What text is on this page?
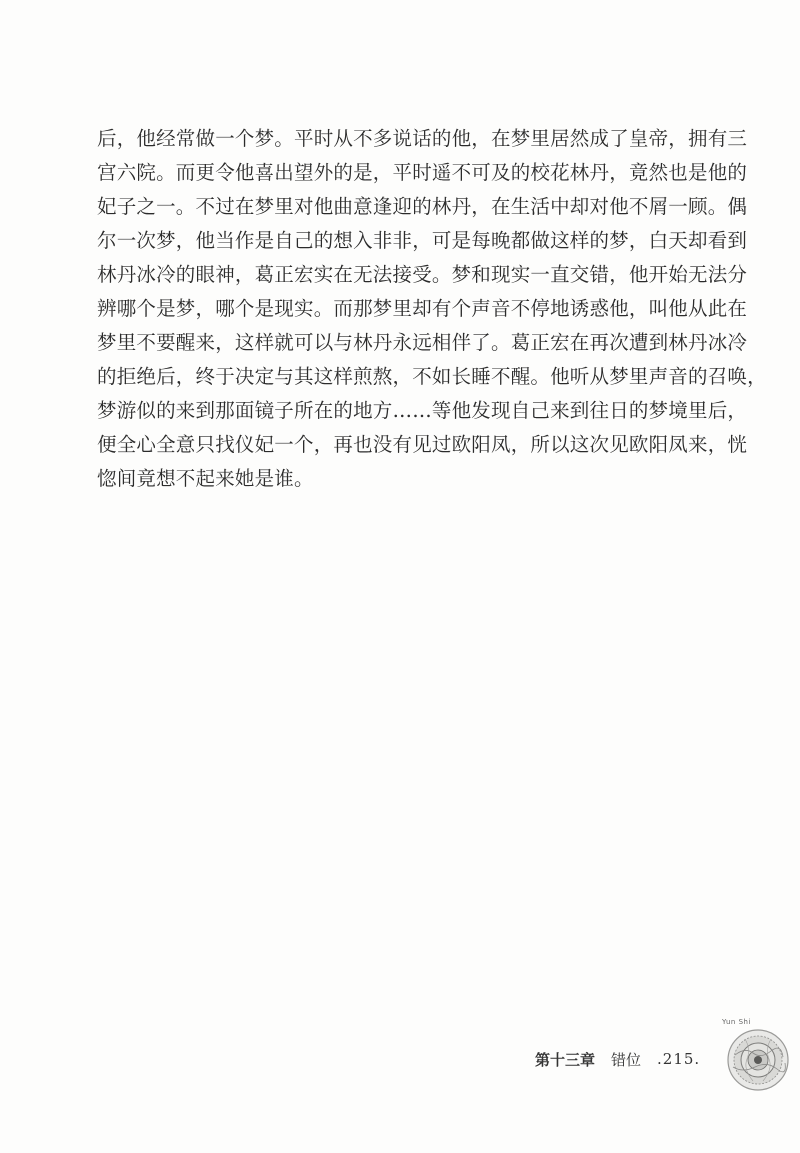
后，他经常做一个梦。平时从不多说话的他，在梦里居然成了皇帝，拥有三
宫六院。而更令他喜出望外的是，平时遥不可及的校花林丹，竟然也是他的
妃子之一。不过在梦里对他曲意逢迎的林丹，在生活中却对他不屑一顾。偶
尔一次梦，他当作是自己的想入非非，可是每晚都做这样的梦，白天却看到
林丹冰冷的眼神，葛正宏实在无法接受。梦和现实一直交错，他开始无法分
辨哪个是梦，哪个是现实。而那梦里却有个声音不停地诱惑他，叫他从此在
梦里不要醒来，这样就可以与林丹永远相伴了。葛正宏在再次遭到林丹冰冷
的拒绝后，终于决定与其这样煎熬，不如长睡不醒。他听从梦里声音的召唤，
梦游似的来到那面镜子所在的地方……等他发现自己来到往日的梦境里后，
便全心全意只找仪妃一个，再也没有见过欧阳凤，所以这次见欧阳凤来，恍
惚间竟想不起来她是谁。
第十三章 错位 .215.
Yun Shi
